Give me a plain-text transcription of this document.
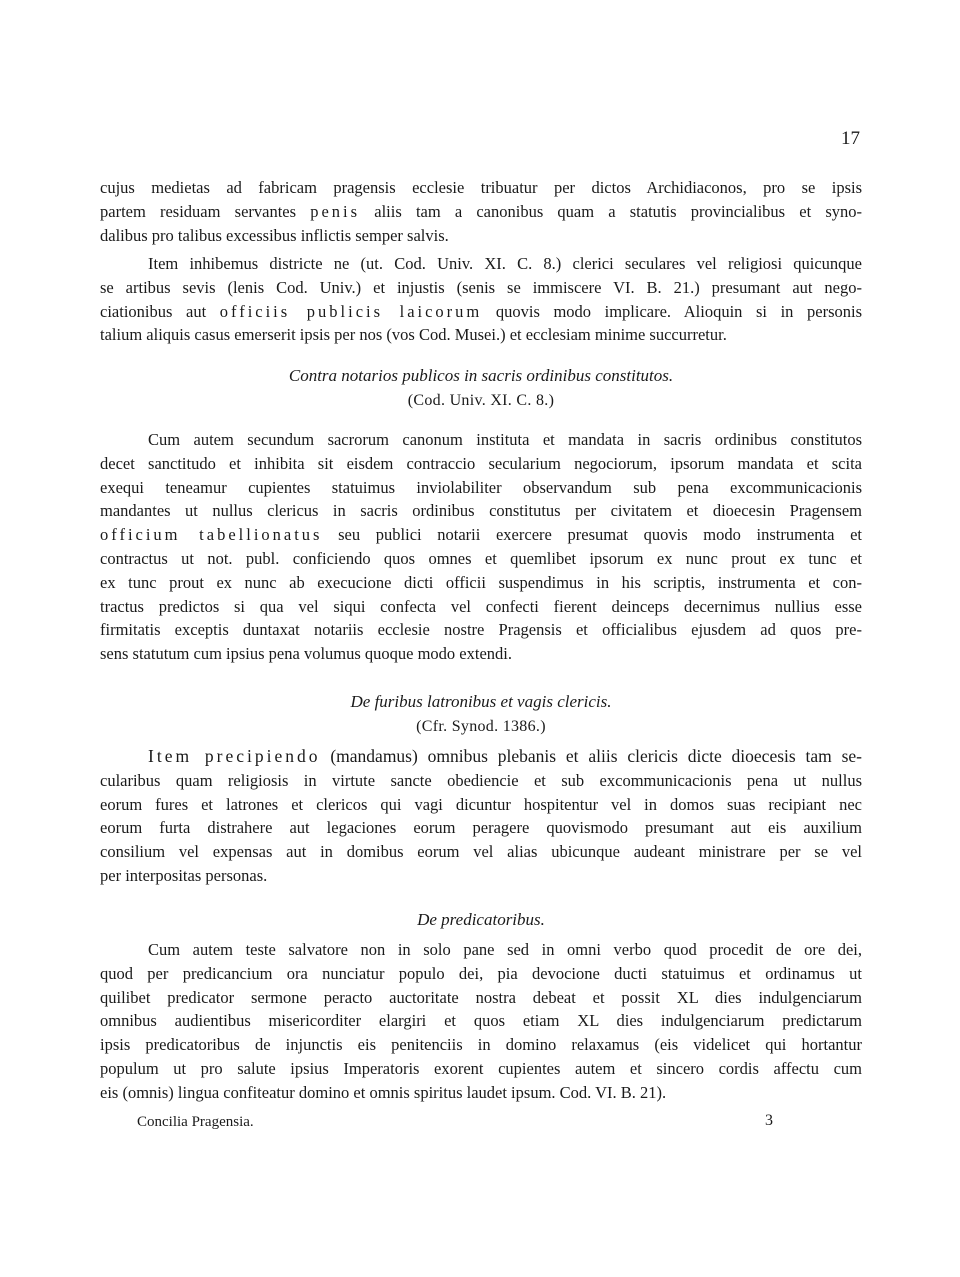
17
cujus medietas ad fabricam pragensis ecclesie tribuatur per dictos Archidiaconos, pro se ipsis
partem residuam servantes penis aliis tam a canonibus quam a statutis provincialibus et syno-
dalibus pro talibus excessibus inflictis semper salvis.
Item inhibemus districte ne (ut. Cod. Univ. XI. C. 8.) clerici seculares vel religiosi quicunque
se artibus sevis (lenis Cod. Univ.) et injustis (senis se immiscere VI. B. 21.) presumant aut nego-
ciationibus aut officiis publicis laicorum quovis modo implicare. Alioquin si in personis
talium aliquis casus emerserit ipsis per nos (vos Cod. Musei.) et ecclesiam minime succurretur.
Contra notarios publicos in sacris ordinibus constitutos.
(Cod. Univ. XI. C. 8.)
Cum autem secundum sacrorum canonum instituta et mandata in sacris ordinibus constitutos
decet sanctitudo et inhibita sit eisdem contraccio secularium negociorum, ipsorum mandata et scita
exequi teneamur cupientes statuimus inviolabiliter observandum sub pena excommunicacionis
mandantes ut nullus clericus in sacris ordinibus constitutus per civitatem et dioecesin Pragensem
officium tabellionatus seu publici notarii exercere presumat quovis modo instrumenta et
contractus ut not. publ. conficiendo quos omnes et quemlibet ipsorum ex nunc prout ex tunc et
ex tunc prout ex nunc ab execucione dicti officii suspendimus in his scriptis, instrumenta et con-
tractus predictos si qua vel siqui confecta vel confecti fierent deinceps decernimus nullius esse
firmitatis exceptis duntaxat notariis ecclesie nostre Pragensis et officialibus ejusdem ad quos pre-
sens statutum cum ipsius pena volumus quoque modo extendi.
De furibus latronibus et vagis clericis.
(Cfr. Synod. 1386.)
Item precipiendo (mandamus) omnibus plebanis et aliis clericis dicte dioecesis tam se-
cularibus quam religiosis in virtute sancte obediencie et sub excommunicacionis pena ut nullus
eorum fures et latrones et clericos qui vagi dicuntur hospitentur vel in domos suas recipiant nec
eorum furta distrahere aut legaciones eorum peragere quovismodo presumant aut eis auxilium
consilium vel expensas aut in domibus eorum vel alias ubicunque audeant ministrare per se vel
per interpositas personas.
De predicatoribus.
Cum autem teste salvatore non in solo pane sed in omni verbo quod procedit de ore dei,
quod per predicancium ora nunciatur populo dei, pia devocione ducti statuimus et ordinamus ut
quilibet predicator sermone peracto auctoritate nostra debeat et possit XL dies indulgenciarum
omnibus audientibus misericorditer elargiri et quos etiam XL dies indulgenciarum predictarum
ipsis predicatoribus de injunctis eis penitenciis in domino relaxamus (eis videlicet qui hortantur
populum ut pro salute ipsius Imperatoris exorent cupientes autem et sincero cordis affectu cum
eis (omnis) lingua confiteatur domino et omnis spiritus laudet ipsum. Cod. VI. B. 21).
Concilia Pragensia.	3
